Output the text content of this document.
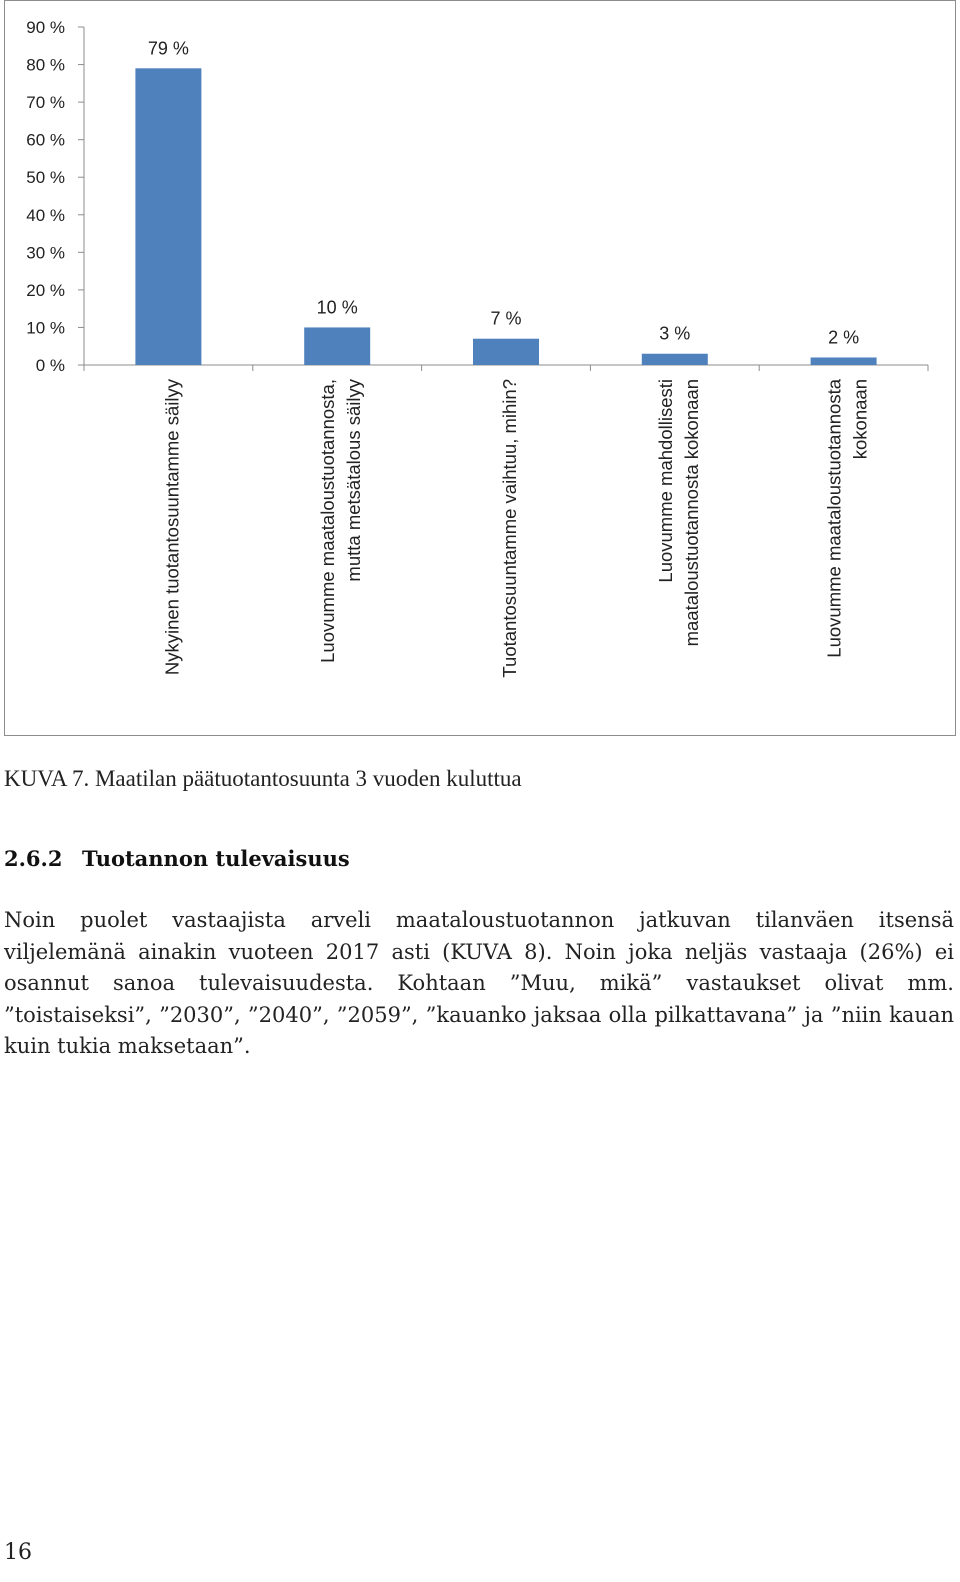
0 %
10 %
20 %
30 %
40 %
50 %
60 %
70 %
80 %
90 %
79 %
Nykyinen tuotantosuuntamme säilyy
10 %
Luovumme maataloustuotannosta, mutta metsätalous säilyy
7 %
Tuotantosuuntamme vaihtuu, mihin?
3 %
Luovumme mahdollisesti maataloustuotannosta kokonaan
2 %
Luovumme maataloustuotannosta kokonaan
KUVA 7. Maatilan päätuotantosuunta 3 vuoden kuluttua
2.6.2 Tuotannon tulevaisuus
Noin puolet vastaajista arveli maataloustuotannon jatkuvan tilanväen itsensä viljelemänä ainakin vuoteen 2017 asti (KUVA 8). Noin joka neljäs vastaaja (26%) ei osannut sanoa tulevaisuudesta. Kohtaan ”Muu, mikä” vastaukset olivat mm. ”toistaiseksi”, ”2030”, ”2040”, ”2059”, ”kauanko jaksaa olla pilkattavana” ja ”niin kauan kuin tukia maksetaan”.
16
